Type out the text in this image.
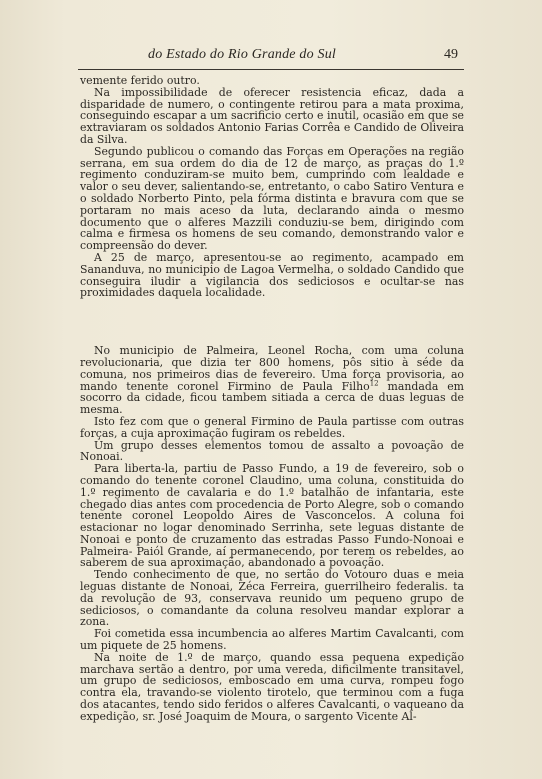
do Estado do Rio Grande do Sul	49

vemente ferido outro.

Na impossibilidade de oferecer resistencia eficaz, dada a disparidade de numero, o contingente retirou para a mata proxima, conseguindo escapar a um sacrificio certo e inutil, ocasião em que se extraviaram os soldados Antonio Farias Corrêa e Candido de Oliveira da Silva.

Segundo publicou o comando das Forças em Operações na região serrana, em sua ordem do dia de 12 de março, as praças do 1.º regimento conduziram-se muito bem, cumprindo com lealdade e valor o seu dever, salientando-se, entretanto, o cabo Satiro Ventura e o soldado Norberto Pinto, pela fórma distinta e bravura com que se portaram no mais aceso da luta, declarando ainda o mesmo documento que o alferes Mazzili conduziu-se bem, dirigindo com calma e firmesa os homens de seu comando, demonstrando valor e compreensão do dever.

A 25 de março, apresentou-se ao regimento, acampado em Sananduva, no municipio de Lagoa Vermelha, o soldado Candido que conseguira iludir a vigilancia dos sediciosos e ocultar-se nas proximidades daquela localidade.

No municipio de Palmeira, Leonel Rocha, com uma coluna revolucionaria, que dizia ter 800 homens, pôs sitio à séde da comuna, nos primeiros dias de fevereiro. Uma força provisoria, ao mando tenente coronel Firmino de Paula Filho$^{12}$ mandada em socorro da cidade, ficou tambem sitiada a cerca de duas leguas de mesma.

Isto fez com que o general Firmino de Paula partisse com outras forças, a cuja aproximação fugiram os rebeldes.

Um grupo desses elementos tomou de assalto a povoação de Nonoai.

Para liberta-la, partiu de Passo Fundo, a 19 de fevereiro, sob o comando do tenente coronel Claudino, uma coluna, constituida do 1.º regimento de cavalaria e do 1.º batalhão de infantaria, este chegado dias antes com procedencia de Porto Alegre, sob o comando tenente coronel Leopoldo Aires de Vasconcelos. A coluna foi estacionar no logar denominado Serrinha, sete leguas distante de Nonoai e ponto de cruzamento das estradas Passo Fundo-Nonoai e Palmeira- Paiól Grande, aí permanecendo, por terem os rebeldes, ao saberem de sua aproximação, abandonado a povoação.

Tendo conhecimento de que, no sertão do Votouro duas e meia leguas distante de Nonoai, Zéca Ferreira, guerrilheiro federalis. ta da revolução de 93, conservava reunido um pequeno grupo de sediciosos, o comandante da coluna resolveu mandar explorar a zona.

Foi cometida essa incumbencia ao alferes Martim Cavalcanti, com um piquete de 25 homens.

Na noite de 1.º de março, quando essa pequena expedição marchava sertão a dentro, por uma vereda, dificilmente transitavel, um grupo de sediciosos, emboscado em uma curva, rompeu fogo contra ela, travando-se violento tirotelo, que terminou com a fuga dos atacantes, tendo sido feridos o alferes Cavalcanti, o vaqueano da expedição, sr. José Joaquim de Moura, o sargento Vicente Al-
